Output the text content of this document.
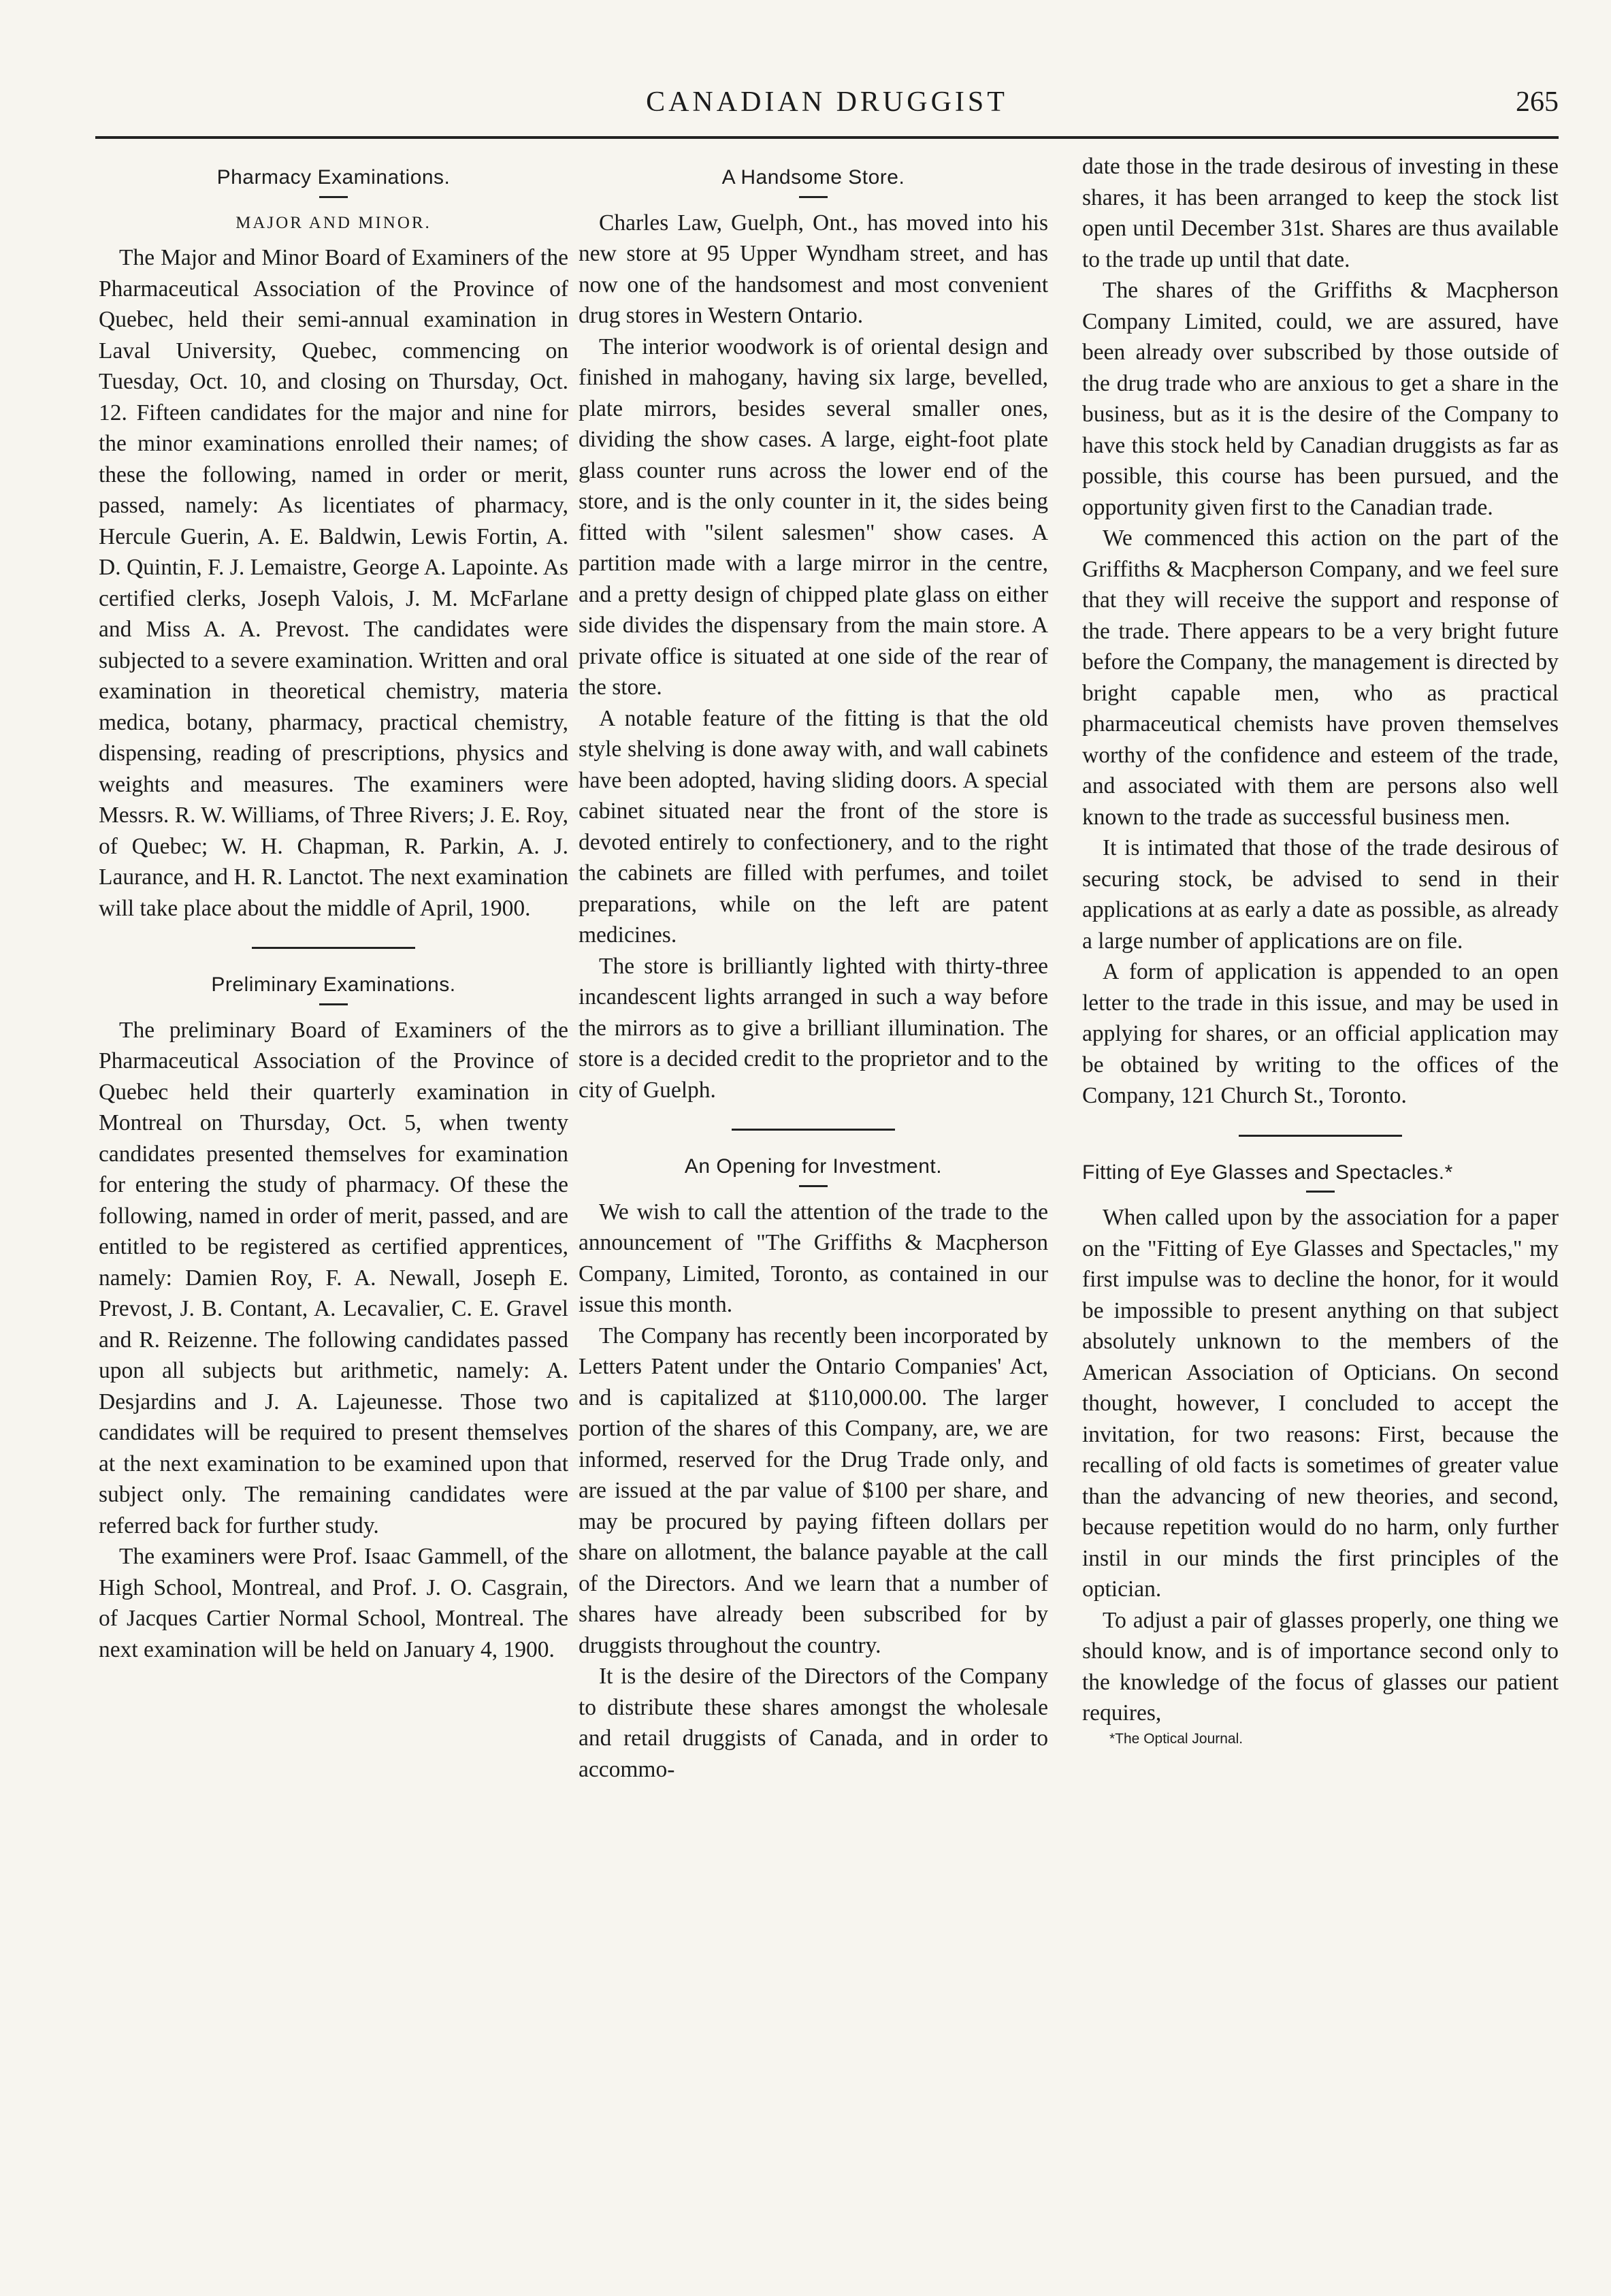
CANADIAN DRUGGIST	265
Pharmacy Examinations.
MAJOR AND MINOR.

The Major and Minor Board of Examiners of the Pharmaceutical Association of the Province of Quebec, held their semi-annual examination in Laval University, Quebec, commencing on Tuesday, Oct. 10, and closing on Thursday, Oct. 12. Fifteen candidates for the major and nine for the minor examinations enrolled their names; of these the following, named in order or merit, passed, namely: As licentiates of pharmacy, Hercule Guerin, A. E. Baldwin, Lewis Fortin, A. D. Quintin, F. J. Lemaistre, George A. Lapointe. As certified clerks, Joseph Valois, J. M. McFarlane and Miss A. A. Prevost. The candidates were subjected to a severe examination. Written and oral examination in theoretical chemistry, materia medica, botany, pharmacy, practical chemistry, dispensing, reading of prescriptions, physics and weights and measures. The examiners were Messrs. R. W. Williams, of Three Rivers; J. E. Roy, of Quebec; W. H. Chapman, R. Parkin, A. J. Laurance, and H. R. Lanctot. The next examination will take place about the middle of April, 1900.

Preliminary Examinations.

The preliminary Board of Examiners of the Pharmaceutical Association of the Province of Quebec held their quarterly examination in Montreal on Thursday, Oct. 5, when twenty candidates presented themselves for examination for entering the study of pharmacy. Of these the following, named in order of merit, passed, and are entitled to be registered as certified apprentices, namely: Damien Roy, F. A. Newall, Joseph E. Prevost, J. B. Contant, A. Lecavalier, C. E. Gravel and R. Reizenne. The following candidates passed upon all subjects but arithmetic, namely: A. Desjardins and J. A. Lajeunesse. Those two candidates will be required to present themselves at the next examination to be examined upon that subject only. The remaining candidates were referred back for further study.

The examiners were Prof. Isaac Gammell, of the High School, Montreal, and Prof. J. O. Casgrain, of Jacques Cartier Normal School, Montreal. The next examination will be held on January 4, 1900.

A Handsome Store.

Charles Law, Guelph, Ont., has moved into his new store at 95 Upper Wyndham street, and has now one of the handsomest and most convenient drug stores in Western Ontario.

The interior woodwork is of oriental design and finished in mahogany, having six large, bevelled, plate mirrors, besides several smaller ones, dividing the show cases. A large, eight-foot plate glass counter runs across the lower end of the store, and is the only counter in it, the sides being fitted with "silent salesmen" show cases. A partition made with a large mirror in the centre, and a pretty design of chipped plate glass on either side divides the dispensary from the main store. A private office is situated at one side of the rear of the store.

A notable feature of the fitting is that the old style shelving is done away with, and wall cabinets have been adopted, having sliding doors. A special cabinet situated near the front of the store is devoted entirely to confectionery, and to the right the cabinets are filled with perfumes, and toilet preparations, while on the left are patent medicines.

The store is brilliantly lighted with thirty-three incandescent lights arranged in such a way before the mirrors as to give a brilliant illumination. The store is a decided credit to the proprietor and to the city of Guelph.

An Opening for Investment.

We wish to call the attention of the trade to the announcement of "The Griffiths & Macpherson Company, Limited, Toronto, as contained in our issue this month.

The Company has recently been incorporated by Letters Patent under the Ontario Companies' Act, and is capitalized at $110,000.00. The larger portion of the shares of this Company, are, we are informed, reserved for the Drug Trade only, and are issued at the par value of $100 per share, and may be procured by paying fifteen dollars per share on allotment, the balance payable at the call of the Directors. And we learn that a number of shares have already been subscribed for by druggists throughout the country.

It is the desire of the Directors of the Company to distribute these shares amongst the wholesale and retail druggists of Canada, and in order to accommo-

date those in the trade desirous of investing in these shares, it has been arranged to keep the stock list open until December 31st. Shares are thus available to the trade up until that date.

The shares of the Griffiths & Macpherson Company Limited, could, we are assured, have been already over subscribed by those outside of the drug trade who are anxious to get a share in the business, but as it is the desire of the Company to have this stock held by Canadian druggists as far as possible, this course has been pursued, and the opportunity given first to the Canadian trade.

We commenced this action on the part of the Griffiths & Macpherson Company, and we feel sure that they will receive the support and response of the trade. There appears to be a very bright future before the Company, the management is directed by bright capable men, who as practical pharmaceutical chemists have proven themselves worthy of the confidence and esteem of the trade, and associated with them are persons also well known to the trade as successful business men.

It is intimated that those of the trade desirous of securing stock, be advised to send in their applications at as early a date as possible, as already a large number of applications are on file.

A form of application is appended to an open letter to the trade in this issue, and may be used in applying for shares, or an official application may be obtained by writing to the offices of the Company, 121 Church St., Toronto.

Fitting of Eye Glasses and Spectacles.*

When called upon by the association for a paper on the "Fitting of Eye Glasses and Spectacles," my first impulse was to decline the honor, for it would be impossible to present anything on that subject absolutely unknown to the members of the American Association of Opticians. On second thought, however, I concluded to accept the invitation, for two reasons: First, because the recalling of old facts is sometimes of greater value than the advancing of new theories, and second, because repetition would do no harm, only further instil in our minds the first principles of the optician.

To adjust a pair of glasses properly, one thing we should know, and is of importance second only to the knowledge of the focus of glasses our patient requires,

*The Optical Journal.
